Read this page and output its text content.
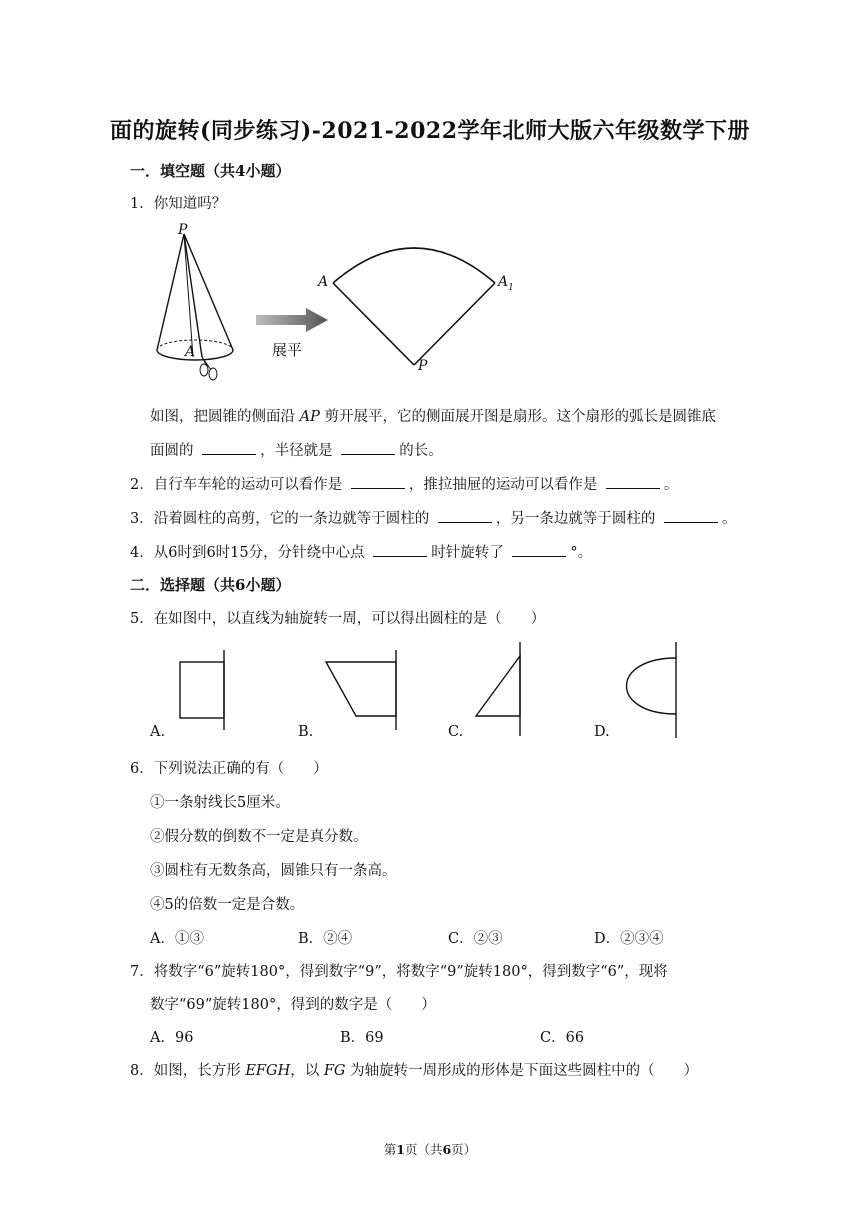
面的旋转(同步练习)-2021-2022学年北师大版六年级数学下册
一．填空题（共4小题）
1．你知道吗？
P
A	展平
A	$A_1$
P
如图，把圆锥的侧面沿 AP 剪开展平，它的侧面展开图是扇形。这个扇形的弧长是圆锥底
面圆的	，半径就是	的长。
2．自行车车轮的运动可以看作是	，推拉抽屉的运动可以看作是	。
3．沿着圆柱的高剪，它的一条边就等于圆柱的	，另一条边就等于圆柱的	。
4．从6时到6时15分，分针绕中心点	时针旋转了	°。
二．选择题（共6小题）
5．在如图中，以直线为轴旋转一周，可以得出圆柱的是（　　）
A.	B.	C.	D.
6．下列说法正确的有（　　）
①一条射线长5厘米。
②假分数的倒数不一定是真分数。
③圆柱有无数条高，圆锥只有一条高。
④5的倍数一定是合数。
A．①③	B．②④	C．②③	D．②③④
7．将数字“6”旋转180°，得到数字“9”，将数字“9”旋转180°，得到数字“6”，现将
数字“69”旋转180°，得到的数字是（　　）
A．96	B．69	C．66
8．如图，长方形 EFGH，以 FG 为轴旋转一周形成的形体是下面这些圆柱中的（　　）
第1页（共6页）
